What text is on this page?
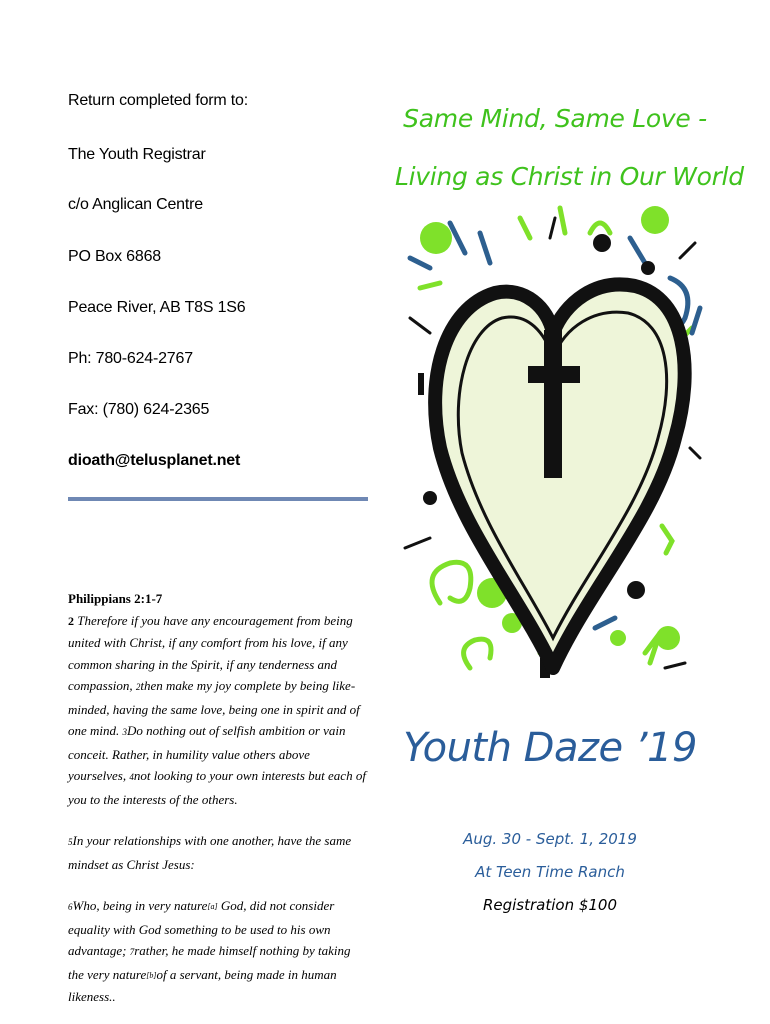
Return completed form to:
The Youth Registrar
c/o Anglican Centre
PO Box 6868
Peace River, AB T8S 1S6
Ph: 780-624-2767
Fax: (780) 624-2365
dioath@telusplanet.net

Philippians 2:1-7

2 Therefore if you have any encouragement from being united with Christ, if any comfort from his love, if any common sharing in the Spirit, if any tenderness and compassion, 2then make my joy complete by being like-minded, having the same love, being one in spirit and of one mind. 3Do nothing out of selfish ambition or vain conceit. Rather, in humility value others above yourselves, 4not looking to your own interests but each of you to the interests of the others.

5In your relationships with one another, have the same mindset as Christ Jesus:

6Who, being in very nature[a] God, did not consider equality with God something to be used to his own advantage; 7rather, he made himself nothing by taking the very nature[b]of a servant, being made in human likeness..

Same Mind, Same Love -
Living as Christ in Our World
Youth Daze ’19
Aug. 30 - Sept. 1, 2019
At Teen Time Ranch
Registration $100
